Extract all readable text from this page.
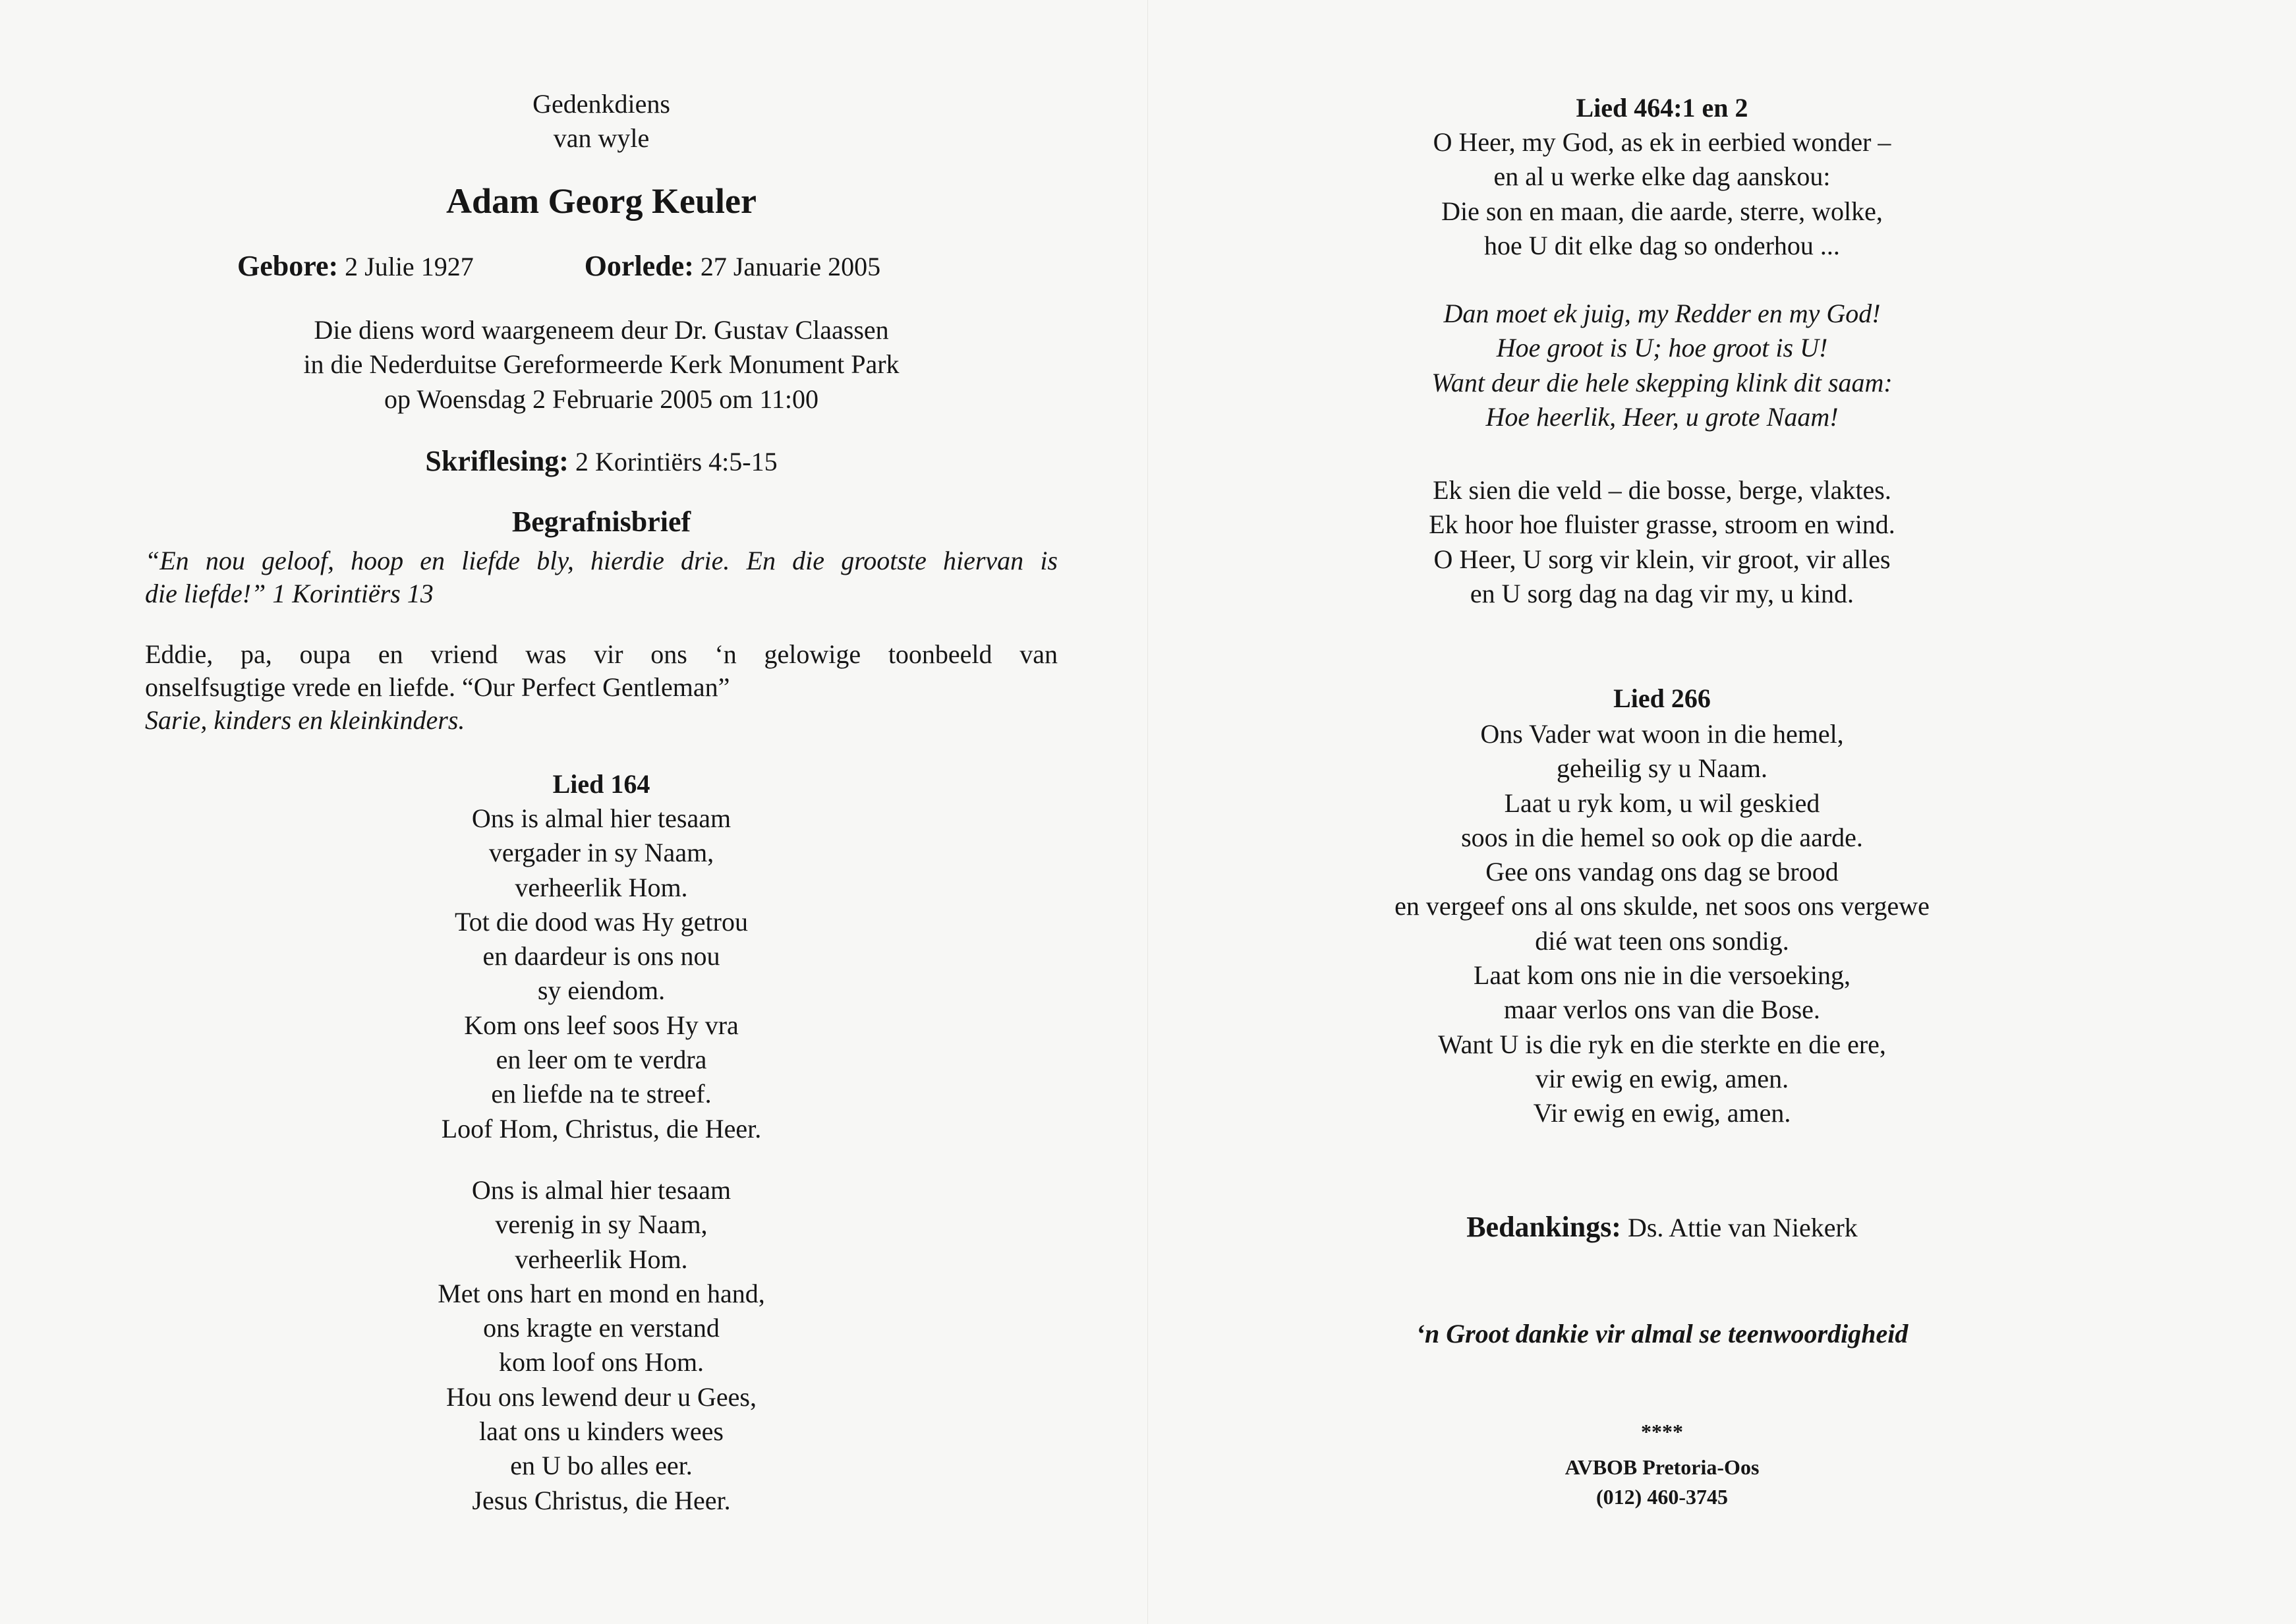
Gedenkdiens
van wyle
Adam Georg Keuler
Gebore: 2 Julie 1927	Oorlede: 27 Januarie 2005
Die diens word waargeneem deur Dr. Gustav Claassen
in die Nederduitse Gereformeerde Kerk Monument Park
op Woensdag 2 Februarie 2005 om 11:00
Skriflesing: 2 Korintiërs 4:5-15
Begrafnisbrief
“En nou geloof, hoop en liefde bly, hierdie drie. En die grootste hiervan is
die liefde!” 1 Korintiërs 13
Eddie, pa, oupa en vriend was vir ons ‘n gelowige toonbeeld van
onselfsugtige vrede en liefde. “Our Perfect Gentleman”
Sarie, kinders en kleinkinders.
Lied 164
Ons is almal hier tesaam
vergader in sy Naam,
verheerlik Hom.
Tot die dood was Hy getrou
en daardeur is ons nou
sy eiendom.
Kom ons leef soos Hy vra
en leer om te verdra
en liefde na te streef.
Loof Hom, Christus, die Heer.
Ons is almal hier tesaam
verenig in sy Naam,
verheerlik Hom.
Met ons hart en mond en hand,
ons kragte en verstand
kom loof ons Hom.
Hou ons lewend deur u Gees,
laat ons u kinders wees
en U bo alles eer.
Jesus Christus, die Heer.
Lied 464:1 en 2
O Heer, my God, as ek in eerbied wonder –
en al u werke elke dag aanskou:
Die son en maan, die aarde, sterre, wolke,
hoe U dit elke dag so onderhou ...
Dan moet ek juig, my Redder en my God!
Hoe groot is U; hoe groot is U!
Want deur die hele skepping klink dit saam:
Hoe heerlik, Heer, u grote Naam!
Ek sien die veld – die bosse, berge, vlaktes.
Ek hoor hoe fluister grasse, stroom en wind.
O Heer, U sorg vir klein, vir groot, vir alles
en U sorg dag na dag vir my, u kind.
Lied 266
Ons Vader wat woon in die hemel,
geheilig sy u Naam.
Laat u ryk kom, u wil geskied
soos in die hemel so ook op die aarde.
Gee ons vandag ons dag se brood
en vergeef ons al ons skulde, net soos ons vergewe
dié wat teen ons sondig.
Laat kom ons nie in die versoeking,
maar verlos ons van die Bose.
Want U is die ryk en die sterkte en die ere,
vir ewig en ewig, amen.
Vir ewig en ewig, amen.
Bedankings: Ds. Attie van Niekerk
‘n Groot dankie vir almal se teenwoordigheid
****
AVBOB Pretoria-Oos
(012) 460-3745
